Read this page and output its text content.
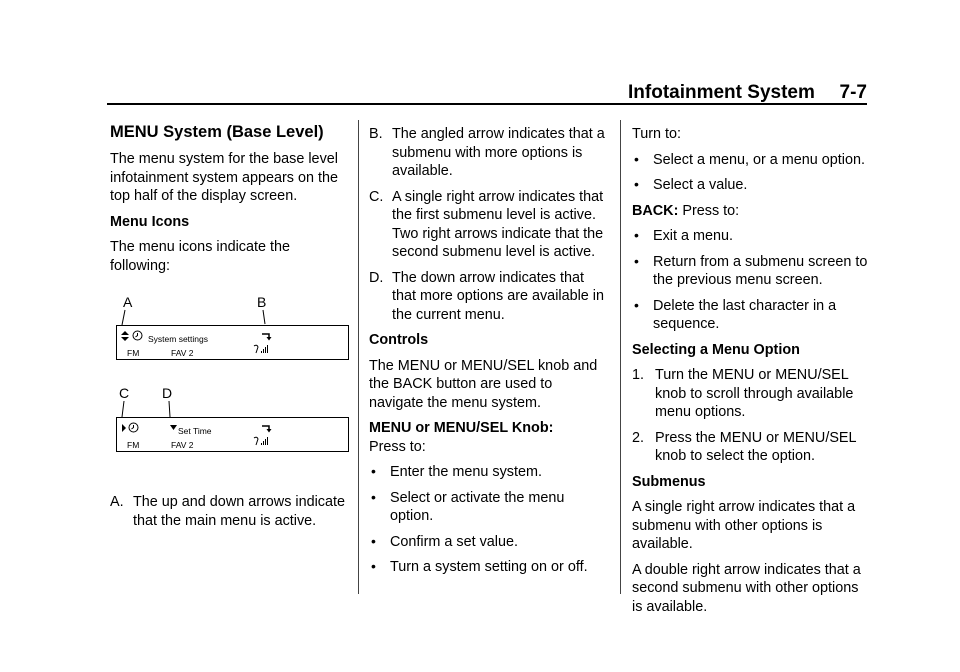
Infotainment System 7-7
MENU System (Base Level)

The menu system for the base level infotainment system appears on the top half of the display screen.

Menu Icons

The menu icons indicate the following:

A	B
System settings
FM	FAV 2
C D
Set Time
FM	FAV 2
A. The up and down arrows indicate that the main menu is active.
B. The angled arrow indicates that a submenu with more options is available.
C. A single right arrow indicates that the first submenu level is active. Two right arrows indicate that the second submenu level is active.
D. The down arrow indicates that that more options are available in the current menu.

Controls

The MENU or MENU/SEL knob and the BACK button are used to navigate the menu system.

MENU or MENU/SEL Knob:
Press to:

• Enter the menu system.
• Select or activate the menu option.
• Confirm a set value.
• Turn a system setting on or off.

Turn to:

• Select a menu, or a menu option.
• Select a value.

BACK: Press to:

• Exit a menu.
• Return from a submenu screen to the previous menu screen.
• Delete the last character in a sequence.

Selecting a Menu Option

1. Turn the MENU or MENU/SEL knob to scroll through available menu options.
2. Press the MENU or MENU/SEL knob to select the option.

Submenus

A single right arrow indicates that a submenu with other options is available.

A double right arrow indicates that a second submenu with other options is available.
